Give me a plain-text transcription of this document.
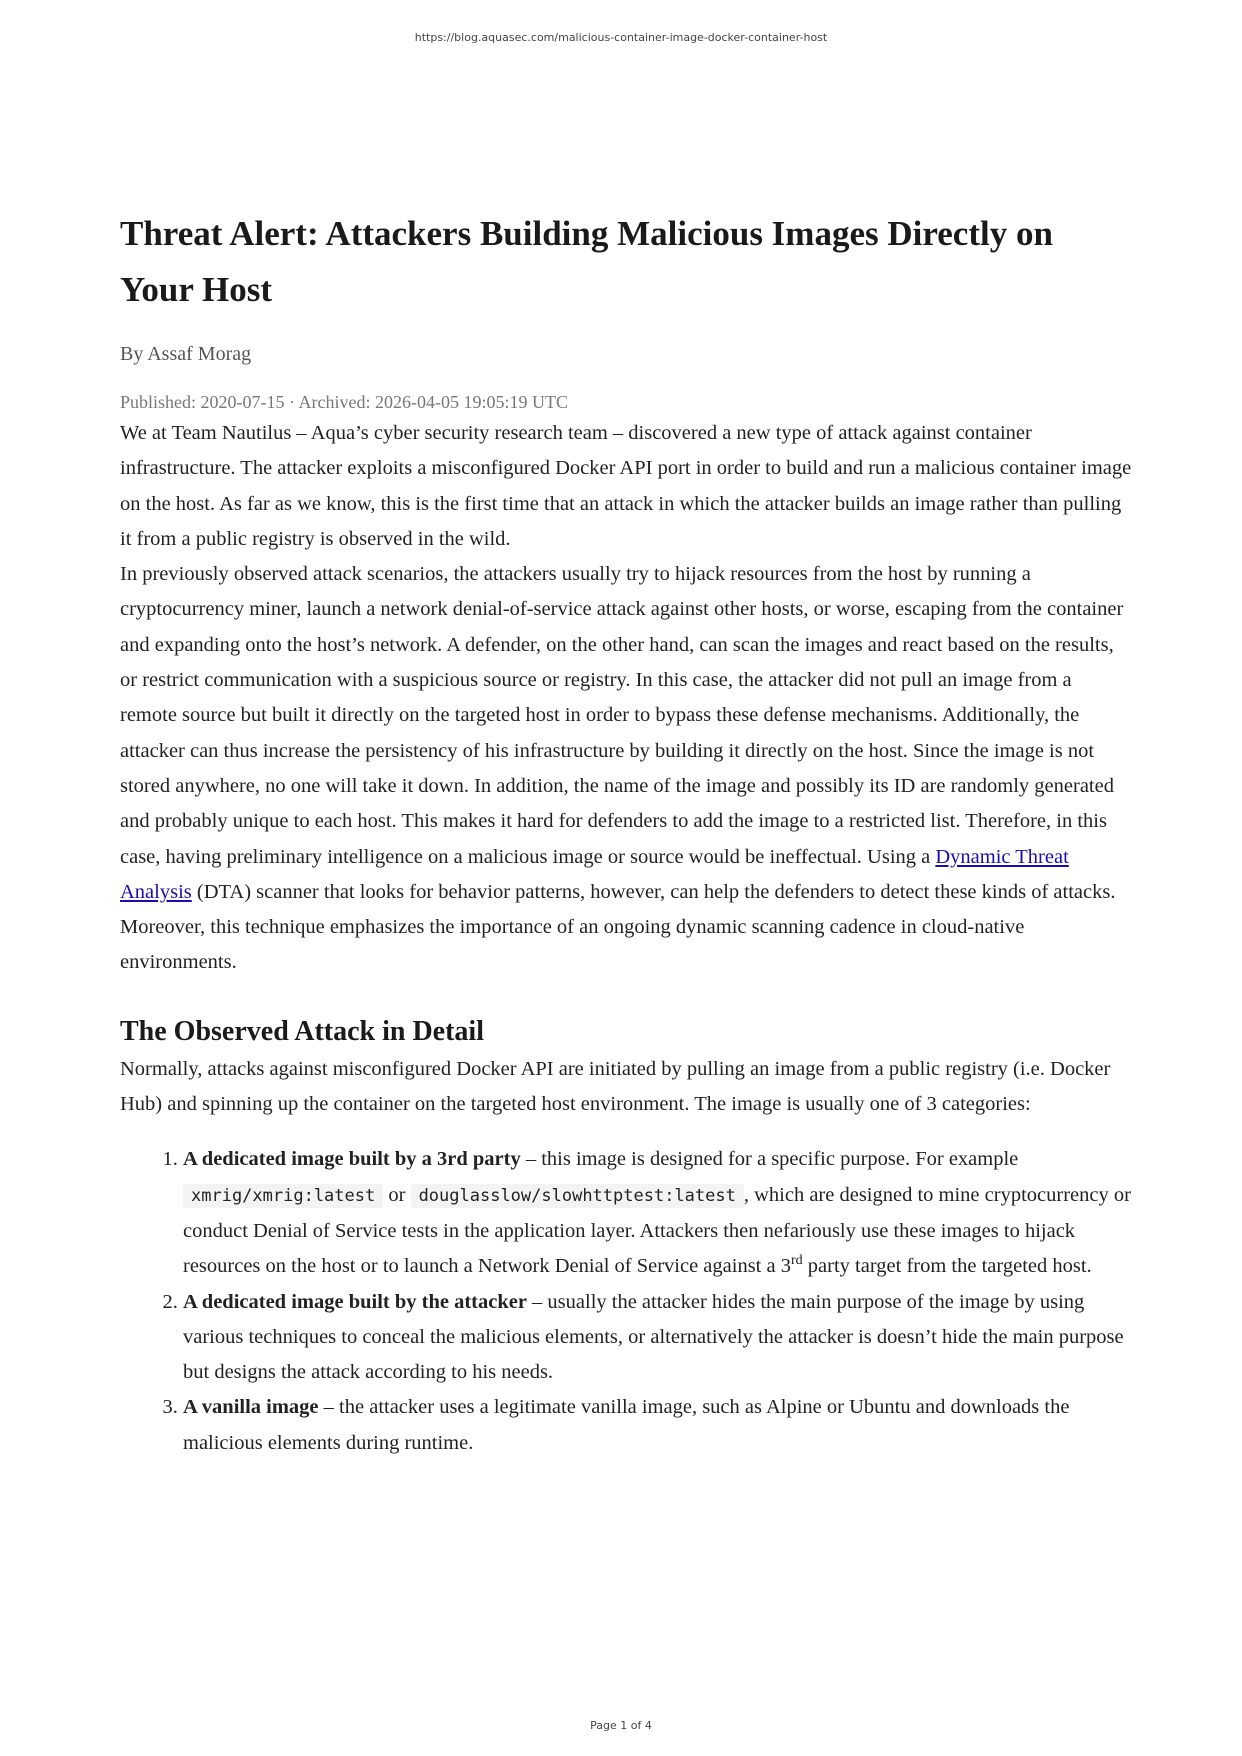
https://blog.aquasec.com/malicious-container-image-docker-container-host
Threat Alert: Attackers Building Malicious Images Directly on Your Host
By Assaf Morag
Published: 2020-07-15 · Archived: 2026-04-05 19:05:19 UTC

We at Team Nautilus – Aqua’s cyber security research team – discovered a new type of attack against container infrastructure. The attacker exploits a misconfigured Docker API port in order to build and run a malicious container image on the host. As far as we know, this is the first time that an attack in which the attacker builds an image rather than pulling it from a public registry is observed in the wild.

In previously observed attack scenarios, the attackers usually try to hijack resources from the host by running a cryptocurrency miner, launch a network denial-of-service attack against other hosts, or worse, escaping from the container and expanding onto the host’s network. A defender, on the other hand, can scan the images and react based on the results, or restrict communication with a suspicious source or registry. In this case, the attacker did not pull an image from a remote source but built it directly on the targeted host in order to bypass these defense mechanisms. Additionally, the attacker can thus increase the persistency of his infrastructure by building it directly on the host. Since the image is not stored anywhere, no one will take it down. In addition, the name of the image and possibly its ID are randomly generated and probably unique to each host. This makes it hard for defenders to add the image to a restricted list. Therefore, in this case, having preliminary intelligence on a malicious image or source would be ineffectual. Using a Dynamic Threat Analysis (DTA) scanner that looks for behavior patterns, however, can help the defenders to detect these kinds of attacks. Moreover, this technique emphasizes the importance of an ongoing dynamic scanning cadence in cloud-native environments.

The Observed Attack in Detail

Normally, attacks against misconfigured Docker API are initiated by pulling an image from a public registry (i.e. Docker Hub) and spinning up the container on the targeted host environment. The image is usually one of 3 categories:

1. A dedicated image built by a 3rd party – this image is designed for a specific purpose. For example xmrig/xmrig:latest or douglasslow/slowhttptest:latest , which are designed to mine cryptocurrency or conduct Denial of Service tests in the application layer. Attackers then nefariously use these images to hijack resources on the host or to launch a Network Denial of Service against a 3rd party target from the targeted host.
2. A dedicated image built by the attacker – usually the attacker hides the main purpose of the image by using various techniques to conceal the malicious elements, or alternatively the attacker is doesn’t hide the main purpose but designs the attack according to his needs.
3. A vanilla image – the attacker uses a legitimate vanilla image, such as Alpine or Ubuntu and downloads the malicious elements during runtime.
Page 1 of 4
